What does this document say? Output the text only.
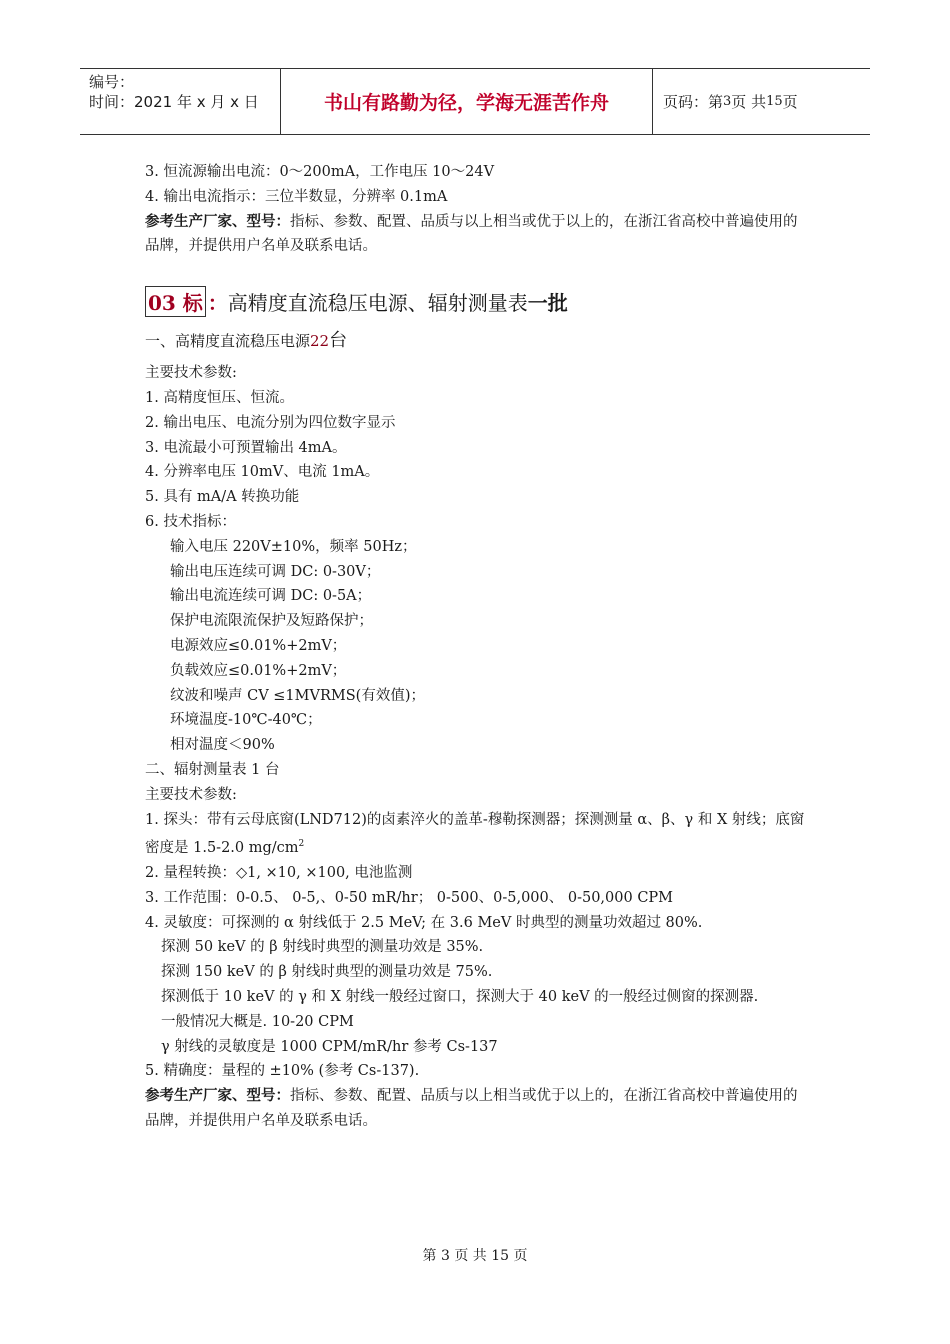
编号：
时间：2021 年 x 月 x 日	书山有路勤为径，学海无涯苦作舟	页码：第 3 页 共 15 页
3. 恒流源输出电流：0～200mA，工作电压 10～24V
4. 输出电流指示：三位半数显，分辨率 0.1mA
参考生产厂家、型号：指标、参数、配置、品质与以上相当或优于以上的，在浙江省高校中普遍使用的品牌，并提供用户名单及联系电话。
03 标 ： 高精度直流稳压电源、辐射测量表 一批
一、高精度直流稳压电源22台
主要技术参数:
1. 高精度恒压、恒流。
2. 输出电压、电流分别为四位数字显示
3. 电流最小可预置输出 4mA。
4. 分辨率电压 10mV、电流 1mA。
5. 具有 mA/A 转换功能
6. 技术指标：
输入电压 220V±10%，频率 50Hz；
输出电压连续可调 DC: 0-30V；
输出电流连续可调 DC: 0-5A；
保护电流限流保护及短路保护；
电源效应≤0.01%+2mV；
负载效应≤0.01%+2mV；
纹波和噪声 CV ≤1MVRMS(有效值)；
环境温度-10℃-40℃；
相对温度＜90%
二、辐射测量表 1 台
主要技术参数:
1. 探头：带有云母底窗(LND712)的卤素淬火的盖革-穆勒探测器；探测测量 α、β、γ 和 X 射线；底窗密度是 1.5-2.0 $mg/cm^2$
2. 量程转换：◇1, ×10, ×100, 电池监测
3. 工作范围：0-0.5、 0-5,、0-50 mR/hr； 0-500、0-5,000、 0-50,000 CPM
4. 灵敏度：可探测的 α 射线低于 2.5 MeV; 在 3.6 MeV 时典型的测量功效超过 80%.
探测 50 keV 的 β 射线时典型的测量功效是 35%.
探测 150 keV 的 β 射线时典型的测量功效是 75%.
探测低于 10 keV 的 γ 和 X 射线一般经过窗口，探测大于 40 keV 的一般经过侧窗的探测器.
一般情况大概是. 10-20 CPM
γ 射线的灵敏度是 1000 CPM/mR/hr 参考 Cs-137
5. 精确度：量程的 ±10% (参考 Cs-137).
参考生产厂家、型号：指标、参数、配置、品质与以上相当或优于以上的，在浙江省高校中普遍使用的品牌，并提供用户名单及联系电话。
第 3 页 共 15 页
